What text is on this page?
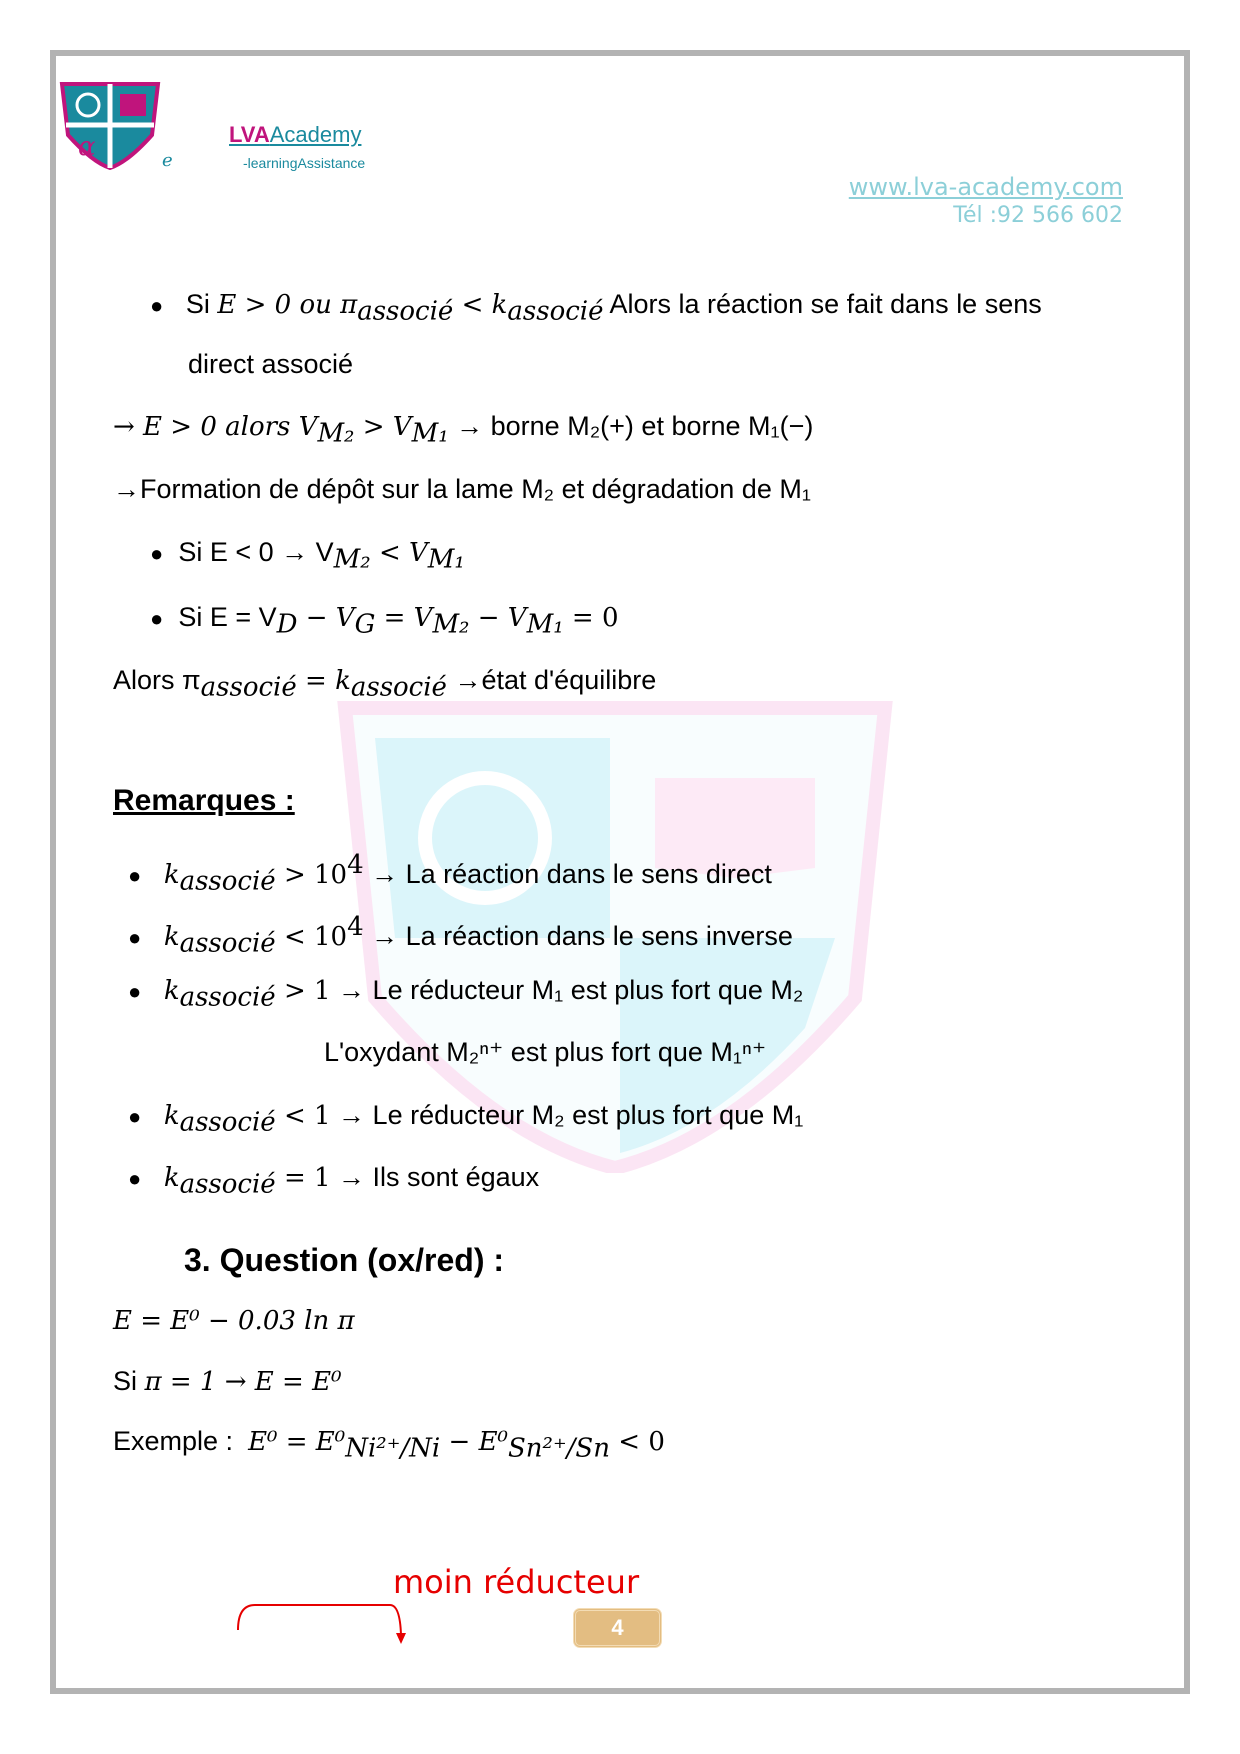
α	e
LVAAcademy
-learningAssistance
www.lva-academy.com
Tél :92 566 602
● Si E > 0 ou $\pi_{associé} < k_{associé}$ Alors la réaction se fait dans le sens
direct associé
→ E > 0 alors $V_{M_2} > V_{M_1}$ → borne M₂(+) et borne M₁(−)
→Formation de dépôt sur la lame M₂ et dégradation de M₁
● Si $E < 0 \to V_{M_2} < V_{M_1}$
● Si $E = V_D - V_G = V_{M_2} - V_{M_1} = 0$
Alors $\pi_{associé} = k_{associé}$ →état d'équilibre
Remarques :
● $k_{associé} > 10^4 \to La$ réaction dans le sens direct
● $k_{associé} < 10^4 \to La$ réaction dans le sens inverse
● $k_{associé} > 1 \to Le$ réducteur M₁ est plus fort que M₂
L'oxydant M₂ⁿ⁺ est plus fort que M₁ⁿ⁺
● $k_{associé} < 1 \to Le$ réducteur M₂ est plus fort que M₁
● $k_{associé} = 1$ → Ils sont égaux
3. Question (ox/red) :
E = E⁰ − 0.03 ln π
Si π = 1 → E = E⁰
Exemple : $E^0 = E^0_{Ni^{2+}/Ni} - E^0_{Sn^{2+}/Sn} < 0$
moin réducteur
4
